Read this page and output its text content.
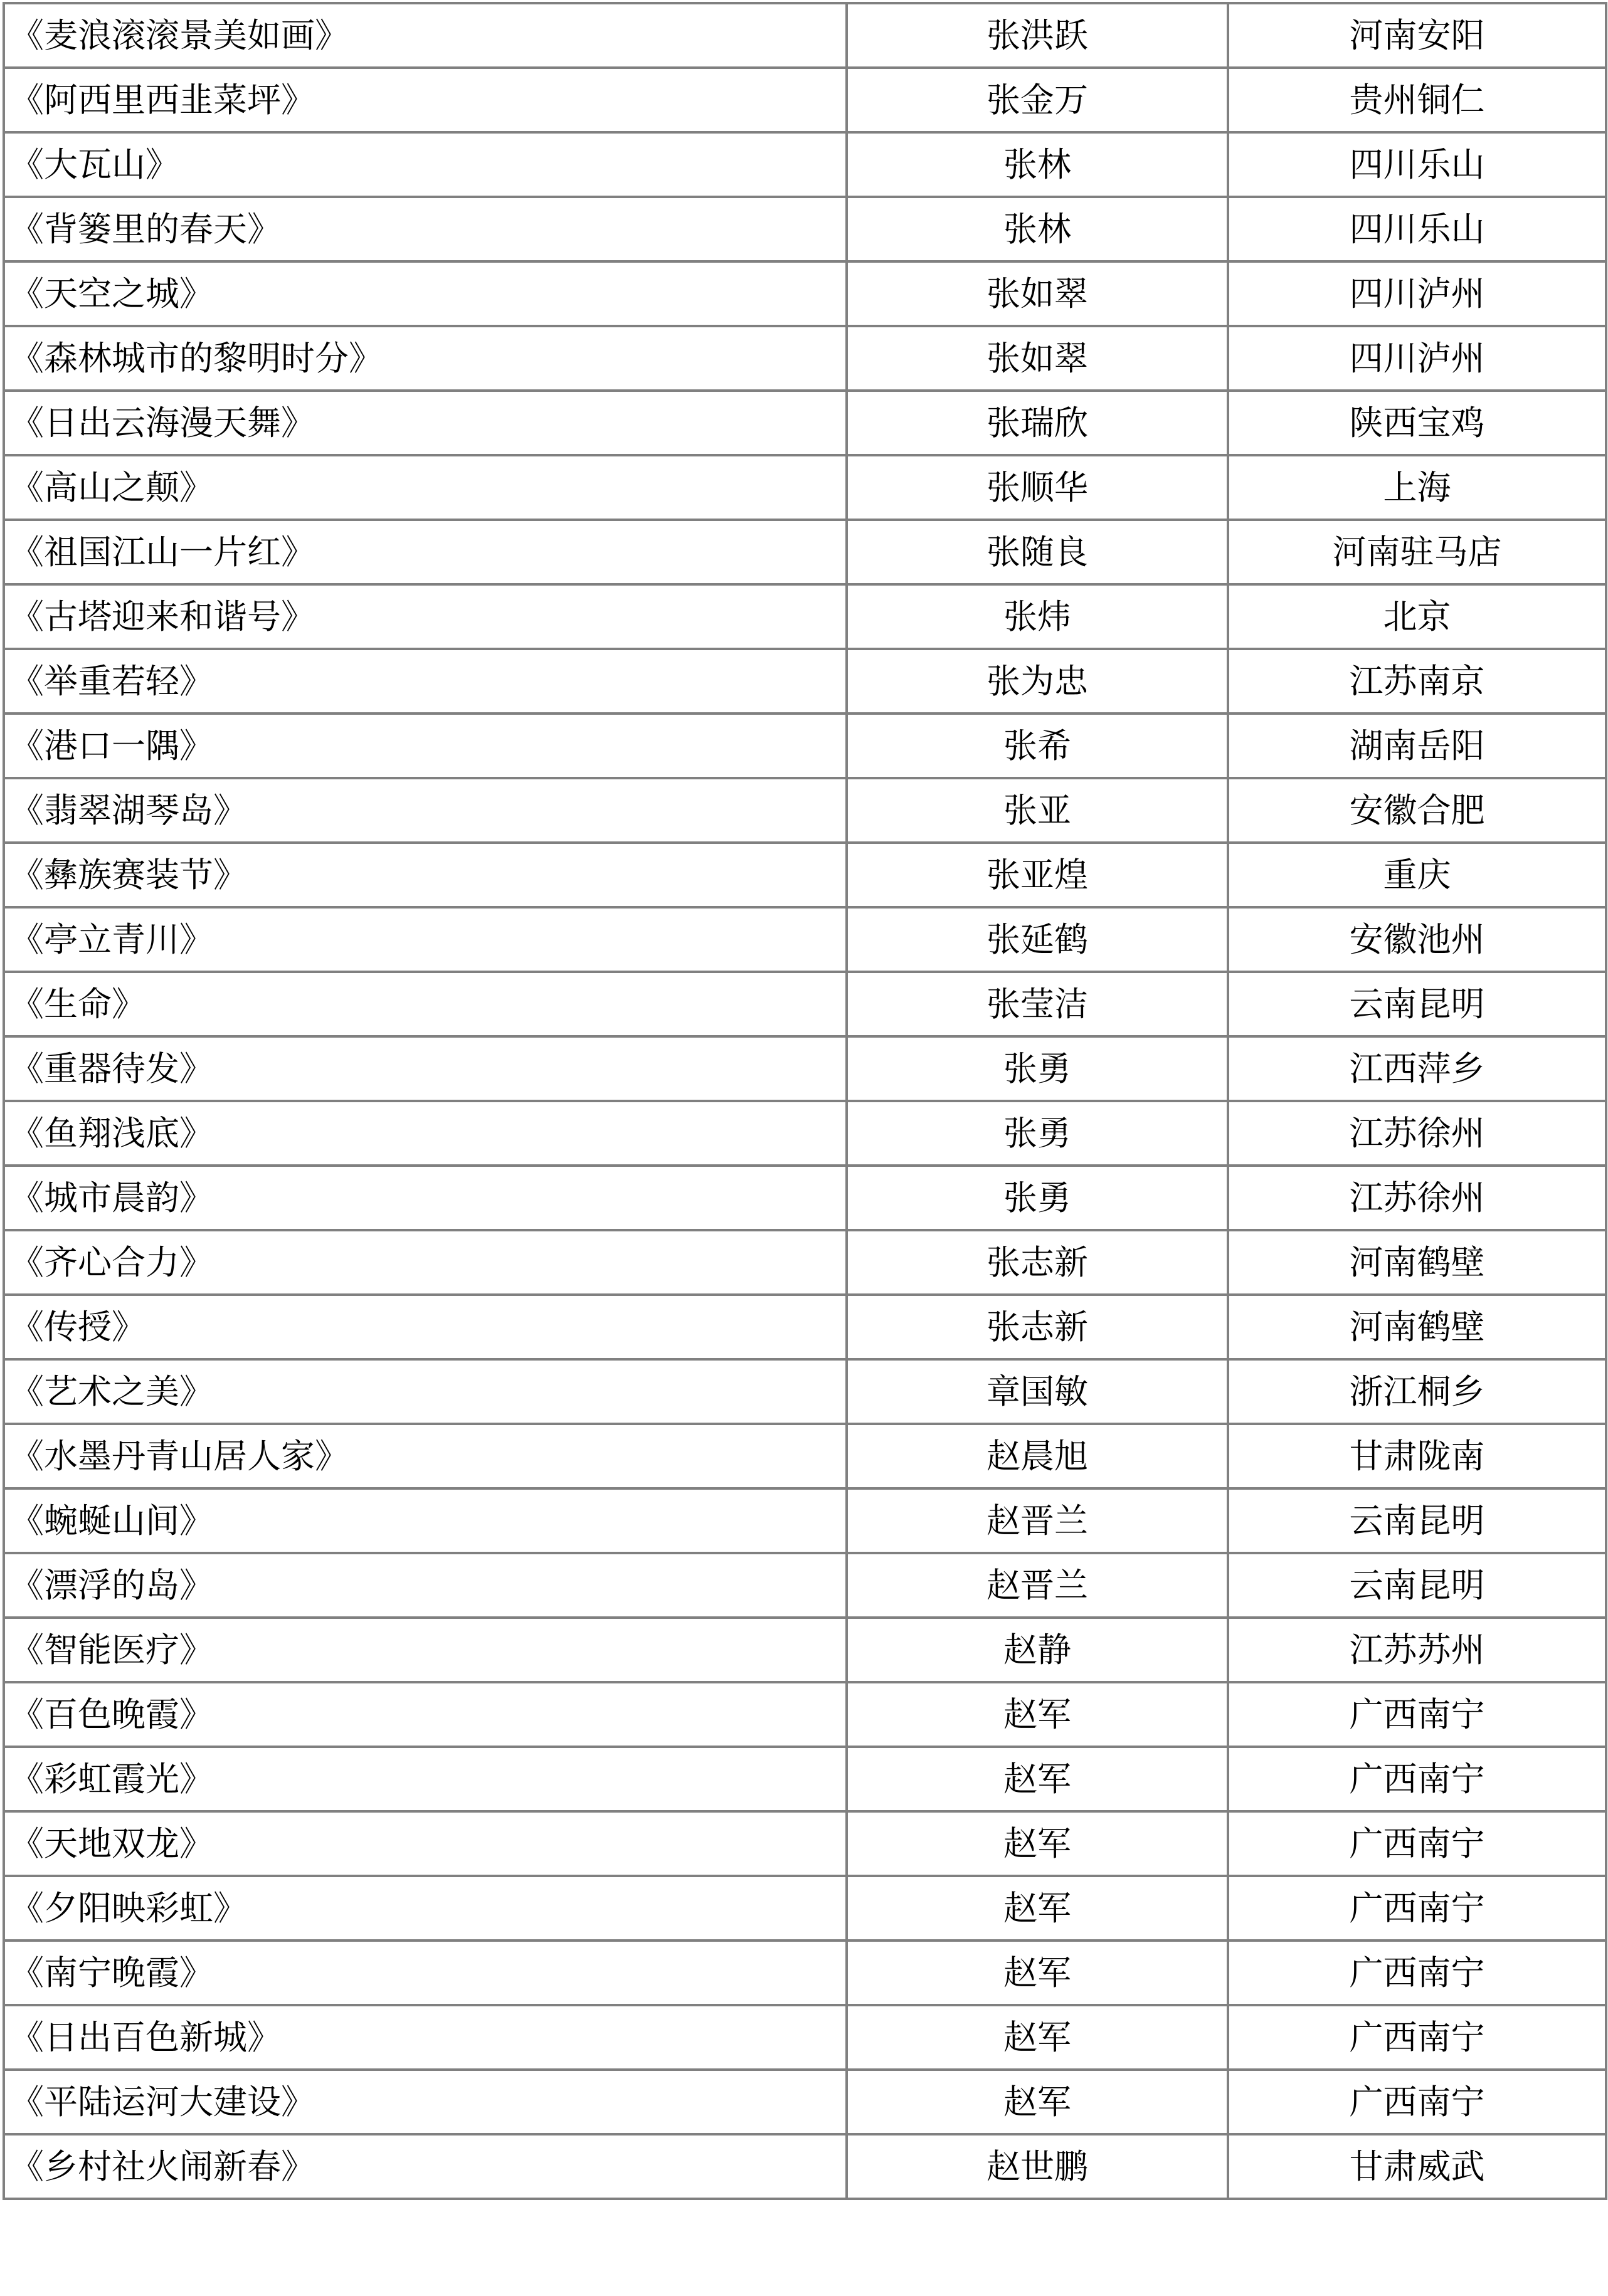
《麦浪滚滚景美如画》	张洪跃	河南安阳
《阿西里西韭菜坪》	张金万	贵州铜仁
《大瓦山》	张林	四川乐山
《背篓里的春天》	张林	四川乐山
《天空之城》	张如翠	四川泸州
《森林城市的黎明时分》	张如翠	四川泸州
《日出云海漫天舞》	张瑞欣	陕西宝鸡
《高山之颠》	张顺华	上海
《祖国江山一片红》	张随良	河南驻马店
《古塔迎来和谐号》	张炜	北京
《举重若轻》	张为忠	江苏南京
《港口一隅》	张希	湖南岳阳
《翡翠湖琴岛》	张亚	安徽合肥
《彝族赛装节》	张亚煌	重庆
《亭立青川》	张延鹤	安徽池州
《生命》	张莹洁	云南昆明
《重器待发》	张勇	江西萍乡
《鱼翔浅底》	张勇	江苏徐州
《城市晨韵》	张勇	江苏徐州
《齐心合力》	张志新	河南鹤壁
《传授》	张志新	河南鹤壁
《艺术之美》	章国敏	浙江桐乡
《水墨丹青山居人家》	赵晨旭	甘肃陇南
《蜿蜒山间》	赵晋兰	云南昆明
《漂浮的岛》	赵晋兰	云南昆明
《智能医疗》	赵静	江苏苏州
《百色晚霞》	赵军	广西南宁
《彩虹霞光》	赵军	广西南宁
《天地双龙》	赵军	广西南宁
《夕阳映彩虹》	赵军	广西南宁
《南宁晚霞》	赵军	广西南宁
《日出百色新城》	赵军	广西南宁
《平陆运河大建设》	赵军	广西南宁
《乡村社火闹新春》	赵世鹏	甘肃威武
